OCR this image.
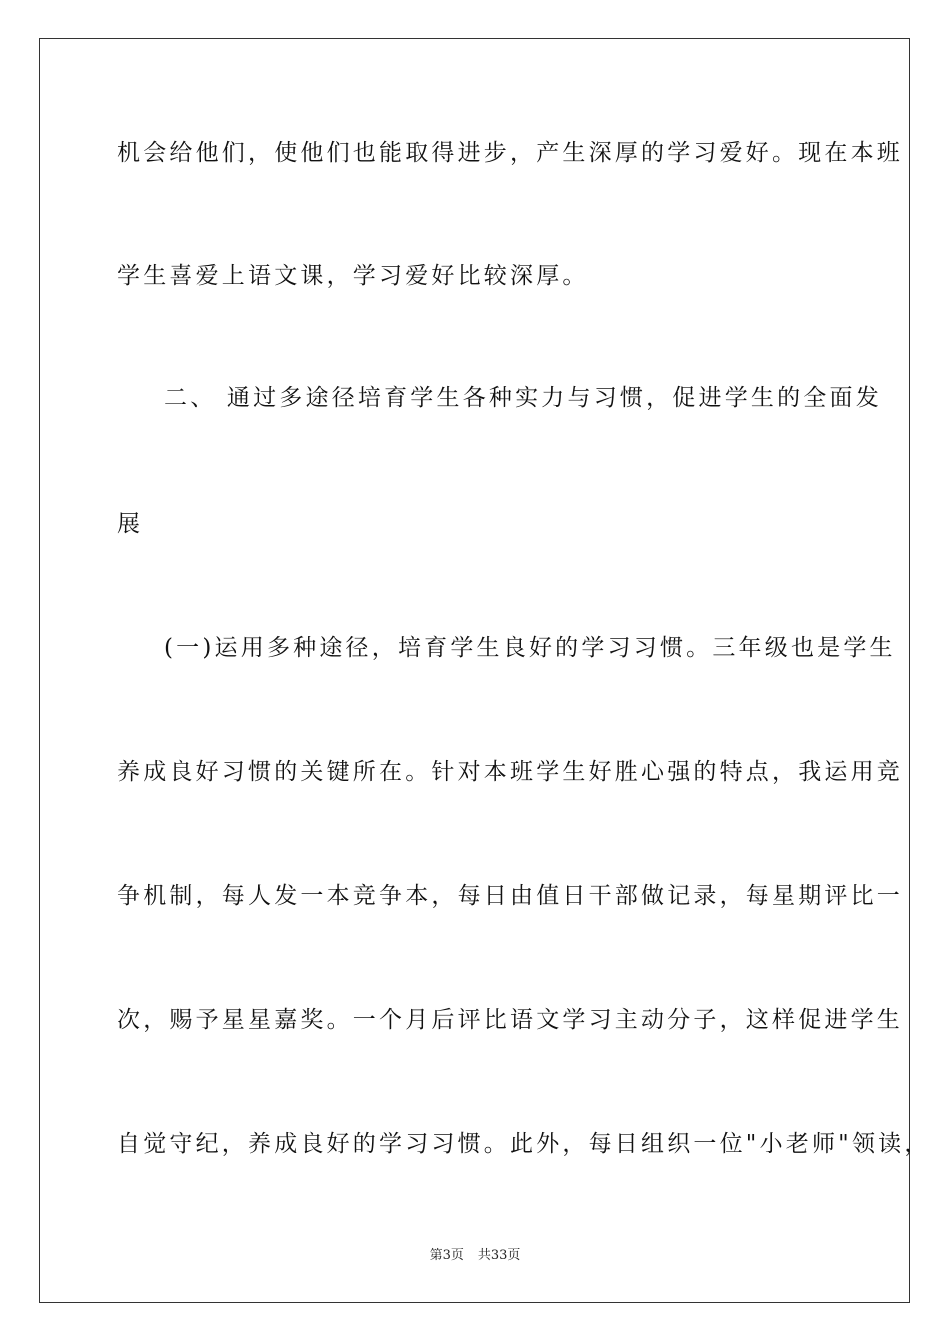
机会给他们，使他们也能取得进步，产生深厚的学习爱好。现在本班
学生喜爱上语文课，学习爱好比较深厚。
二、 通过多途径培育学生各种实力与习惯，促进学生的全面发
展
(一)运用多种途径，培育学生良好的学习习惯。三年级也是学生
养成良好习惯的关键所在。针对本班学生好胜心强的特点，我运用竞
争机制，每人发一本竞争本，每日由值日干部做记录，每星期评比一
次，赐予星星嘉奖。一个月后评比语文学习主动分子，这样促进学生
自觉守纪，养成良好的学习习惯。此外，每日组织一位"小老师"领读，
第3页 共33页
